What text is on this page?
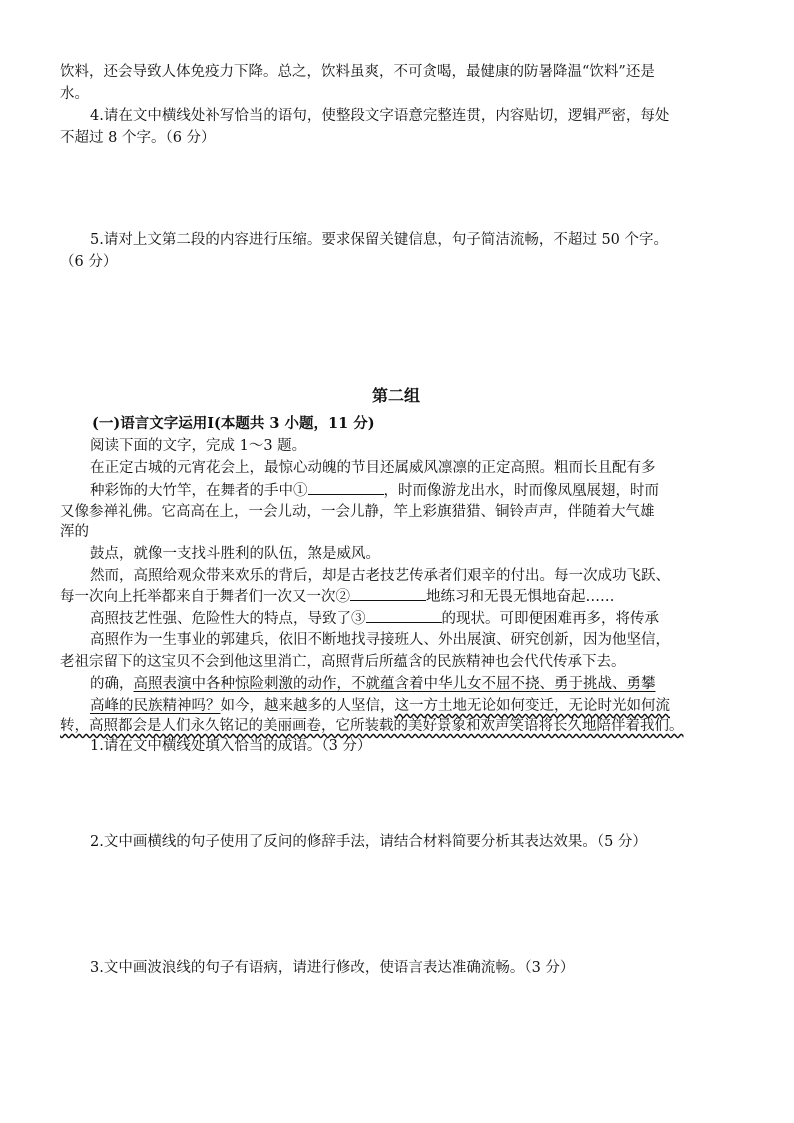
饮料，还会导致人体免疫力下降。总之，饮料虽爽，不可贪喝，最健康的防暑降温“饮料”还是
水。
4.请在文中横线处补写恰当的语句，使整段文字语意完整连贯，内容贴切，逻辑严密，每处
不超过 8 个字。（6 分）
5.请对上文第二段的内容进行压缩。要求保留关键信息，句子简洁流畅，不超过 50 个字。
（6 分）
第二组
(一)语言文字运用Ⅰ(本题共 3 小题，11 分)
阅读下面的文字，完成 1～3 题。
在正定古城的元宵花会上，最惊心动魄的节目还属威风凛凛的正定高照。粗而长且配有多
种彩饰的大竹竿，在舞者的手中①	，时而像游龙出水，时而像凤凰展翅，时而
又像参禅礼佛。它高高在上，一会儿动，一会儿静，竿上彩旗猎猎、铜铃声声，伴随着大气雄
浑的
鼓点，就像一支找斗胜利的队伍，煞是威风。
然而，高照给观众带来欢乐的背后，却是古老技艺传承者们艰辛的付出。每一次成功飞跃、
每一次向上托举都来自于舞者们一次又一次②	地练习和无畏无惧地奋起……
高照技艺性强、危险性大的特点，导致了③	的现状。可即便困难再多，将传承
高照作为一生事业的郭建兵，依旧不断地找寻接班人、外出展演、研究创新，因为他坚信，
老祖宗留下的这宝贝不会到他这里消亡，高照背后所蕴含的民族精神也会代代传承下去。
的确，高照表演中各种惊险刺激的动作，不就蕴含着中华儿女不屈不挠、勇于挑战、勇攀
高峰的民族精神吗？如今，越来越多的人坚信，这一方土地无论如何变迁，无论时光如何流
转，高照都会是人们永久铭记的美丽画卷，它所装载的美好景象和欢声笑语将长久地陪伴着我们。
1.请在文中横线处填入恰当的成语。（3 分）
2.文中画横线的句子使用了反问的修辞手法，请结合材料简要分析其表达效果。（5 分）
3.文中画波浪线的句子有语病，请进行修改，使语言表达准确流畅。（3 分）
